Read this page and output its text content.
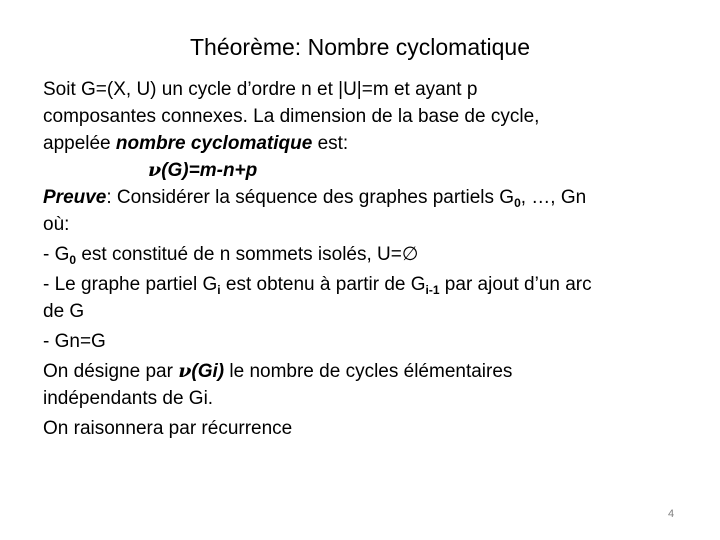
Théorème: Nombre cyclomatique

Soit G=(X, U) un cycle d’ordre n et |U|=m et ayant p
composantes connexes. La dimension de la base de cycle,
appelée nombre cyclomatique est:

ν(G)=m-n+p

Preuve: Considérer la séquence des graphes partiels $G_0$, …, Gn
où:

- $G_0$ est constitué de n sommets isolés, U=∅

- Le graphe partiel $G_i$ est obtenu à partir de $G_{i-1}$ par ajout d’un arc
de G

- Gn=G

On désigne par ν(Gi) le nombre de cycles élémentaires
indépendants de Gi.

On raisonnera par récurrence

4
